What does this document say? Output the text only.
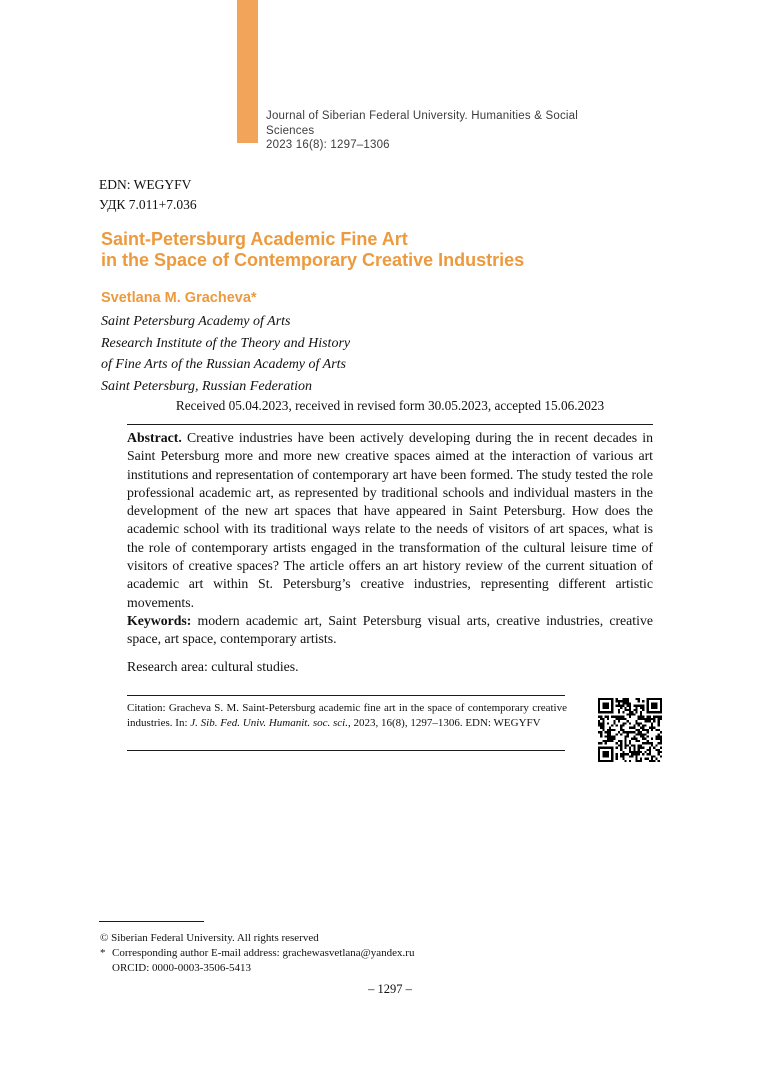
Journal of Siberian Federal University. Humanities & Social Sciences
2023 16(8): 1297–1306
EDN: WEGYFV
УДК 7.011+7.036
Saint-Petersburg Academic Fine Art
in the Space of Contemporary Creative Industries
Svetlana M. Gracheva*
Saint Petersburg Academy of Arts
Research Institute of the Theory and History
of Fine Arts of the Russian Academy of Arts
Saint Petersburg, Russian Federation
Received 05.04.2023, received in revised form 30.05.2023, accepted 15.06.2023

Abstract. Creative industries have been actively developing during the in recent decades in Saint Petersburg more and more new creative spaces aimed at the interaction of various art institutions and representation of contemporary art have been formed. The study tested the role professional academic art, as represented by traditional schools and individual masters in the development of the new art spaces that have appeared in Saint Petersburg. How does the academic school with its traditional ways relate to the needs of visitors of art spaces, what is the role of contemporary artists engaged in the transformation of the cultural leisure time of visitors of creative spaces? The article offers an art history review of the current situation of academic art within St. Petersburg’s creative industries, representing different artistic movements.

Keywords: modern academic art, Saint Petersburg visual arts, creative industries, creative space, art space, contemporary artists.

Research area: cultural studies.

Citation: Gracheva S. M. Saint-Petersburg academic fine art in the space of contemporary creative industries. In: J. Sib. Fed. Univ. Humanit. soc. sci., 2023, 16(8), 1297–1306. EDN: WEGYFV

© Siberian Federal University. All rights reserved
* Corresponding author E-mail address: grachewasvetlana@yandex.ru
ORCID: 0000-0003-3506-5413
– 1297 –
